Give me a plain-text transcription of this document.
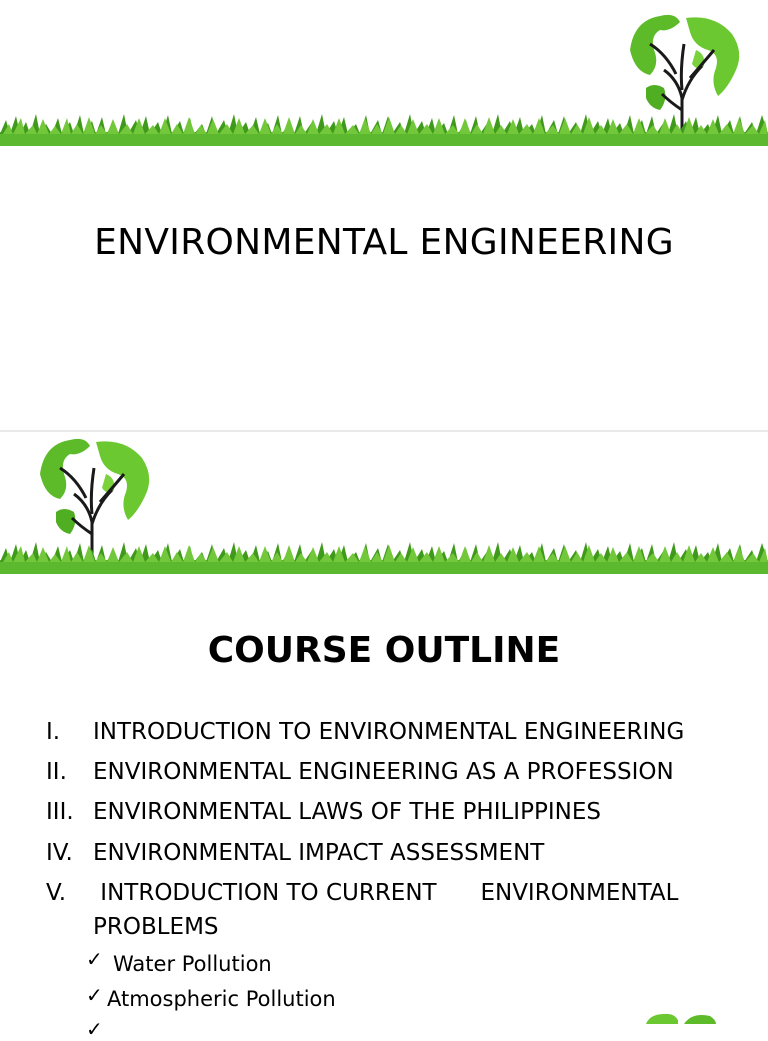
ENVIRONMENTAL ENGINEERING
COURSE OUTLINE
I. INTRODUCTION TO ENVIRONMENTAL ENGINEERING
II. ENVIRONMENTAL ENGINEERING AS A PROFESSION
III. ENVIRONMENTAL LAWS OF THE PHILIPPINES
IV. ENVIRONMENTAL IMPACT ASSESSMENT
V. INTRODUCTION TO CURRENT      ENVIRONMENTAL
PROBLEMS
✓ Water Pollution
✓ Atmospheric Pollution
✓
